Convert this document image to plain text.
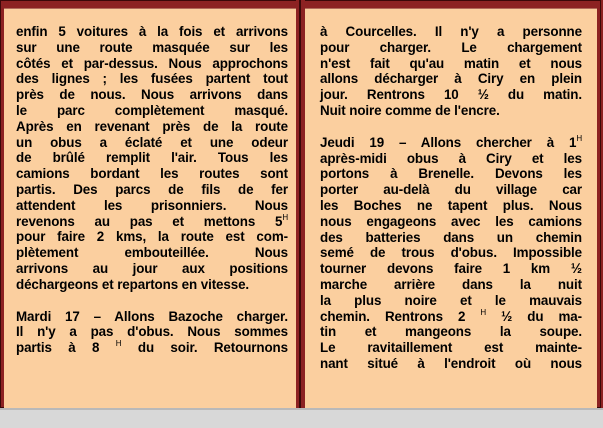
enfin 5 voitures à la fois et arrivons
sur une route masquée sur les
côtés et par-dessus. Nous approchons
des lignes ; les fusées partent tout
près de nous. Nous arrivons dans
le parc complètement masqué.
Après en revenant près de la route
un obus a éclaté et une odeur
de brûlé remplit l'air. Tous les
camions bordant les routes sont
partis. Des parcs de fils de fer
attendent les prisonniers. Nous
revenons au pas et mettons $5^H$
pour faire 2 kms, la route est com-
plètement embouteillée. Nous
arrivons au jour aux positions
déchargeons et repartons en vitesse.
Mardi 17 – Allons Bazoche charger.
Il n'y a pas d'obus. Nous sommes
partis à 8 $^H$ du soir. Retournons
à Courcelles. Il n'y a personne
pour charger. Le chargement
n'est fait qu'au matin et nous
allons décharger à Ciry en plein
jour. Rentrons 10 ½ du matin.
Nuit noire comme de l'encre.
Jeudi 19 – Allons chercher à $1^H$
après-midi obus à Ciry et les
portons à Brenelle. Devons les
porter au-delà du village car
les Boches ne tapent plus. Nous
nous engageons avec les camions
des batteries dans un chemin
semé de trous d'obus. Impossible
tourner devons faire 1 km ½
marche arrière dans la nuit
la plus noire et le mauvais
chemin. Rentrons 2 $^H$ ½ du ma-
tin et mangeons la soupe.
Le ravitaillement est mainte-
nant situé à l'endroit où nous
